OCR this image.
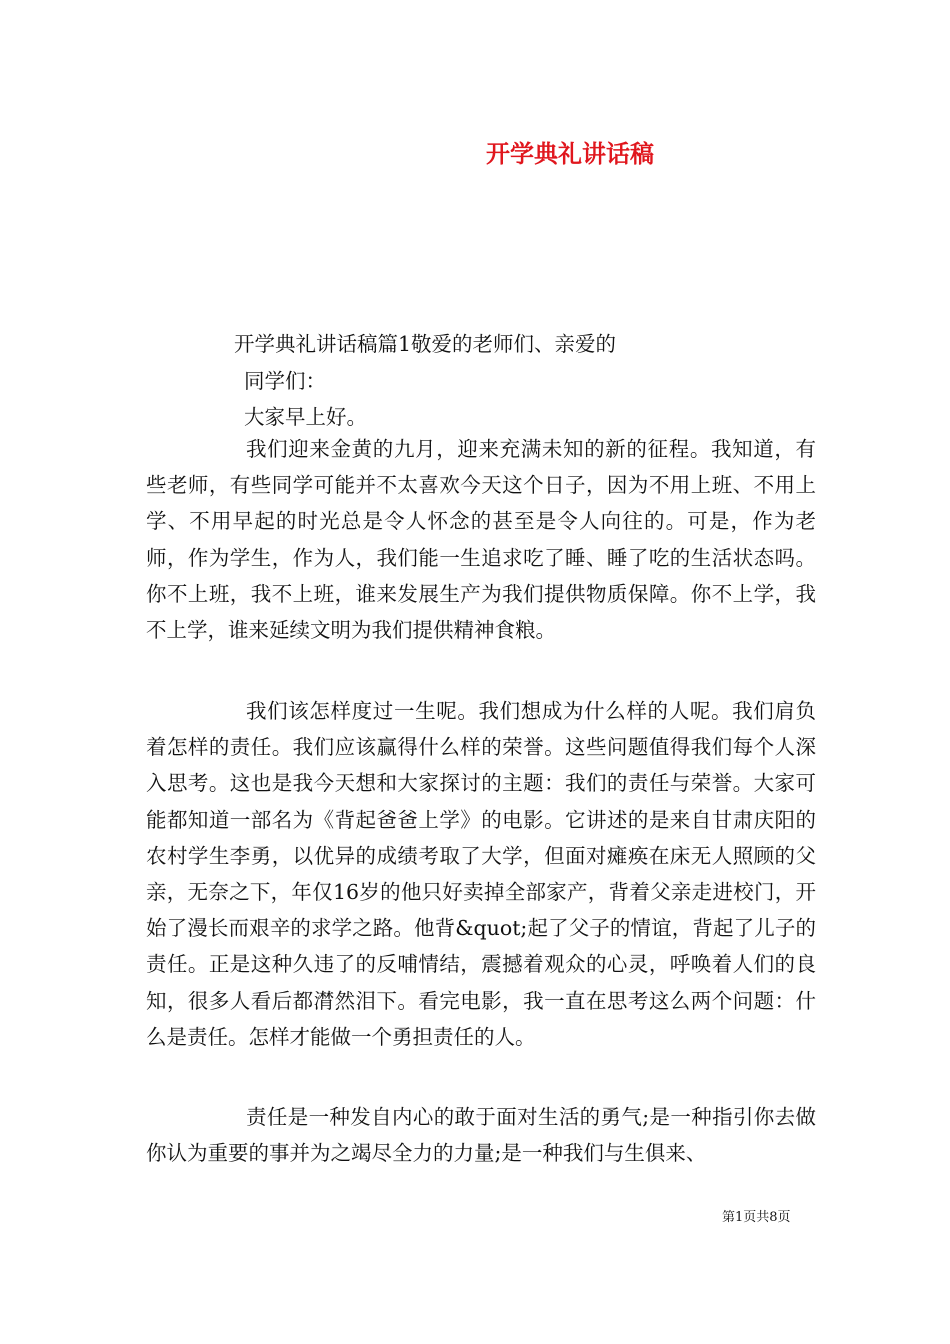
开学典礼讲话稿
开学典礼讲话稿篇1敬爱的老师们、亲爱的
同学们：
大家早上好。

我们迎来金黄的九月，迎来充满未知的新的征程。我知道，有些老师，有些同学可能并不太喜欢今天这个日子，因为不用上班、不用上学、不用早起的时光总是令人怀念的甚至是令人向往的。可是，作为老师，作为学生，作为人，我们能一生追求吃了睡、睡了吃的生活状态吗。你不上班，我不上班，谁来发展生产为我们提供物质保障。你不上学，我不上学，谁来延续文明为我们提供精神食粮。

我们该怎样度过一生呢。我们想成为什么样的人呢。我们肩负着怎样的责任。我们应该赢得什么样的荣誉。这些问题值得我们每个人深入思考。这也是我今天想和大家探讨的主题：我们的责任与荣誉。大家可能都知道一部名为《背起爸爸上学》的电影。它讲述的是来自甘肃庆阳的农村学生李勇，以优异的成绩考取了大学，但面对瘫痪在床无人照顾的父亲，无奈之下，年仅16岁的他只好卖掉全部家产，背着父亲走进校门，开始了漫长而艰辛的求学之路。他背&quot;起了父子的情谊，背起了儿子的责任。正是这种久违了的反哺情结，震撼着观众的心灵，呼唤着人们的良知，很多人看后都潸然泪下。看完电影，我一直在思考这么两个问题：什么是责任。怎样才能做一个勇担责任的人。

责任是一种发自内心的敢于面对生活的勇气;是一种指引你去做你认为重要的事并为之竭尽全力的力量;是一种我们与生俱来、

第1页共8页
